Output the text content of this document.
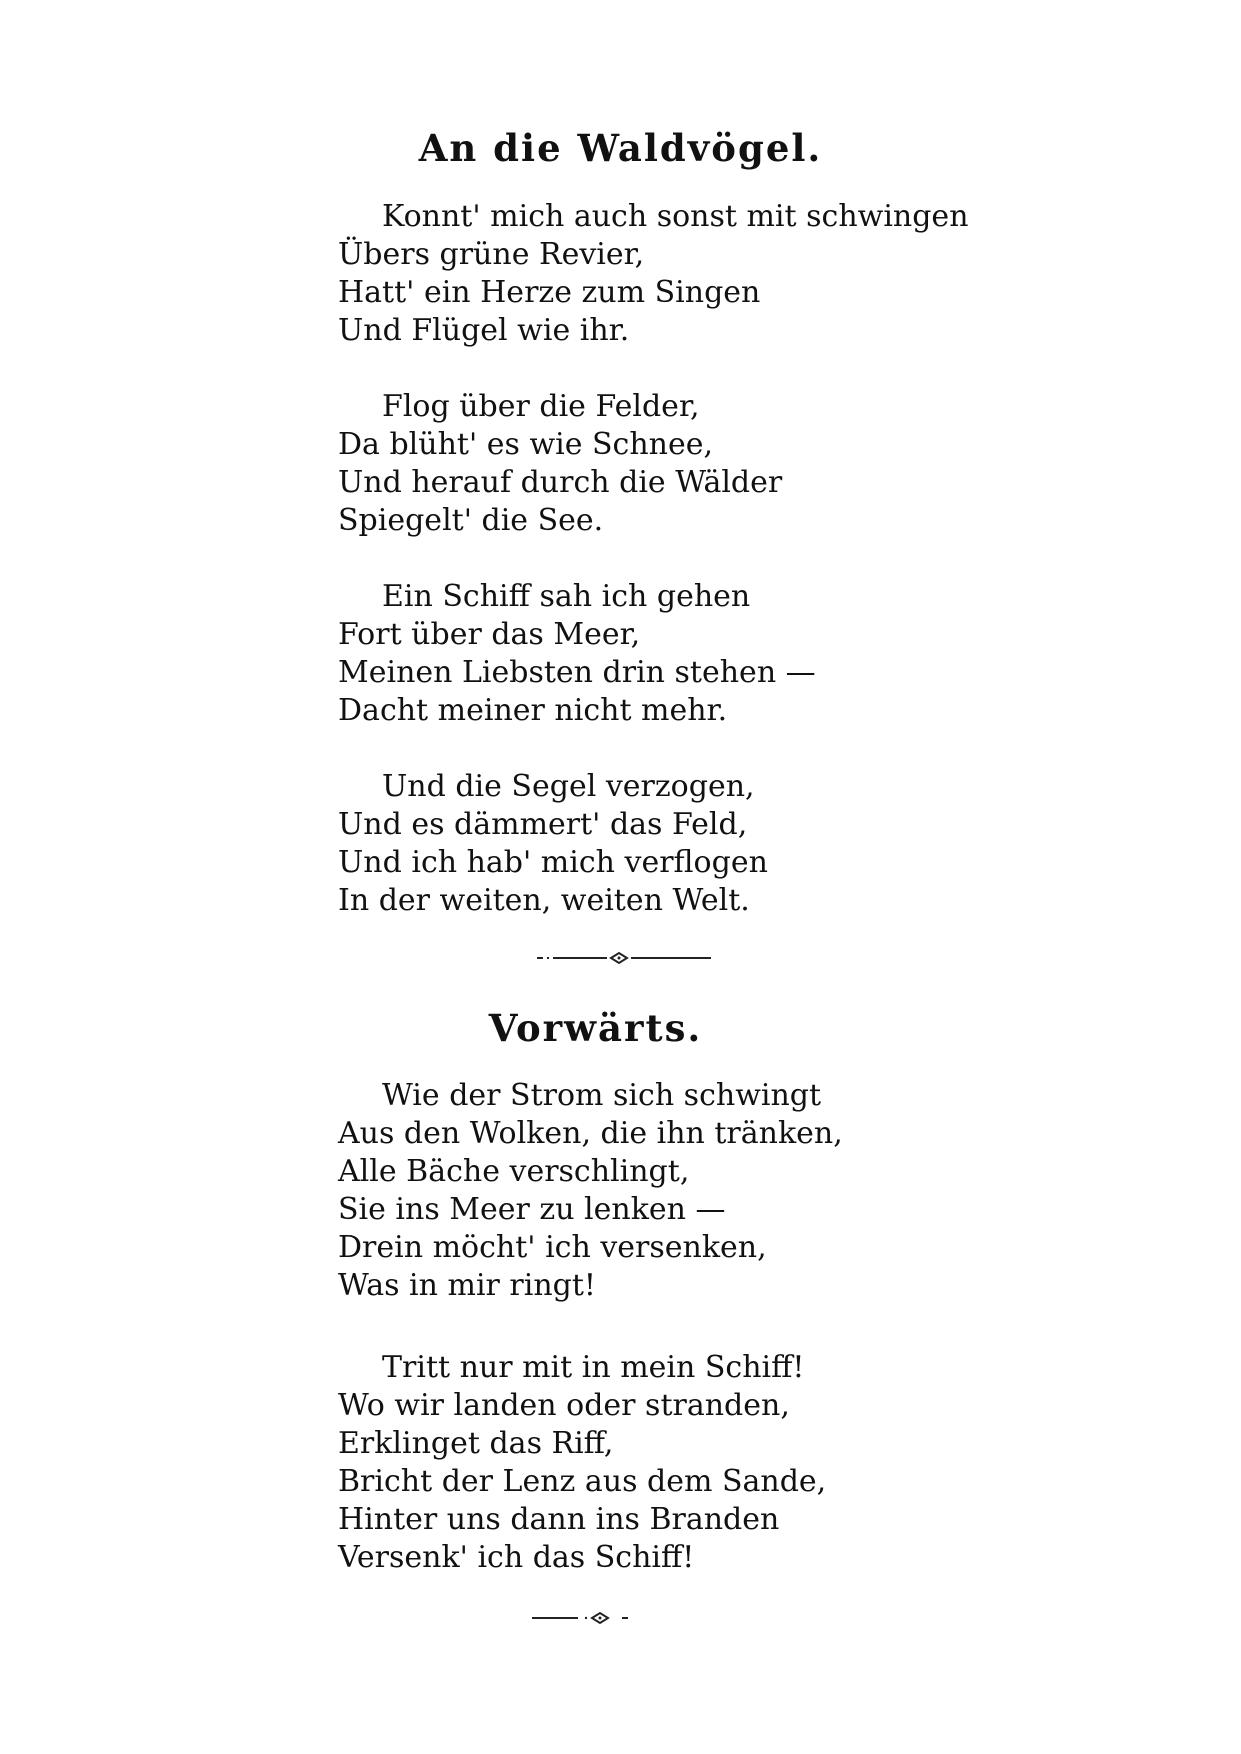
An die Waldvögel.

Konnt' mich auch sonst mit schwingen
Übers grüne Revier,
Hatt' ein Herze zum Singen
Und Flügel wie ihr.

Flog über die Felder,
Da blüht' es wie Schnee,
Und herauf durch die Wälder
Spiegelt' die See.

Ein Schiff sah ich gehen
Fort über das Meer,
Meinen Liebsten drin stehen —
Dacht meiner nicht mehr.

Und die Segel verzogen,
Und es dämmert' das Feld,
Und ich hab' mich verflogen
In der weiten, weiten Welt.

Vorwärts.

Wie der Strom sich schwingt
Aus den Wolken, die ihn tränken,
Alle Bäche verschlingt,
Sie ins Meer zu lenken —
Drein möcht' ich versenken,
Was in mir ringt!

Tritt nur mit in mein Schiff!
Wo wir landen oder stranden,
Erklinget das Riff,
Bricht der Lenz aus dem Sande,
Hinter uns dann ins Branden
Versenk' ich das Schiff!
